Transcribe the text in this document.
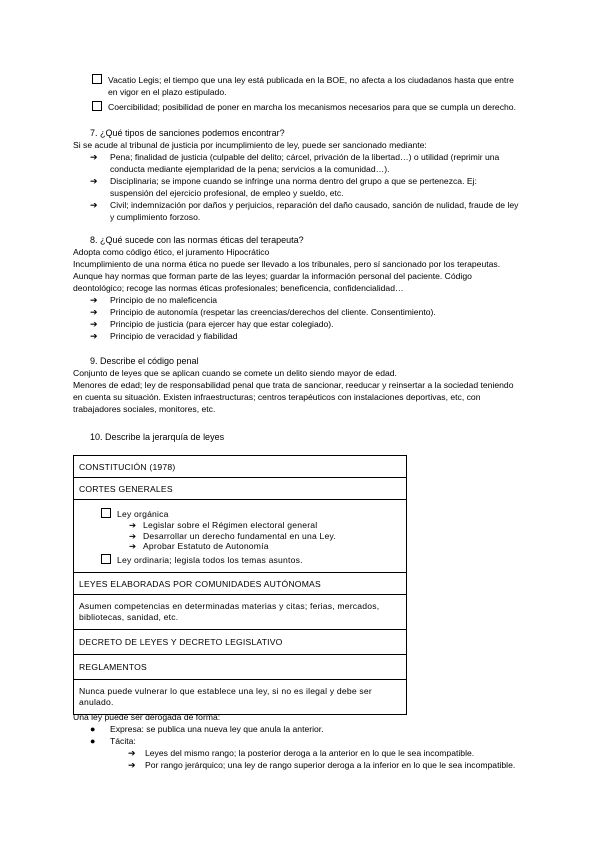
Vacatio Legis; el tiempo que una ley está publicada en la BOE, no afecta a los ciudadanos hasta que entre
en vigor en el plazo estipulado.
Coercibilidad; posibilidad de poner en marcha los mecanismos necesarios para que se cumpla un derecho.
7. ¿Qué tipos de sanciones podemos encontrar?
Si se acude al tribunal de justicia por incumplimiento de ley, puede ser sancionado mediante:
➔	Pena; finalidad de justicia (culpable del delito; cárcel, privación de la libertad…) o utilidad (reprimir una
conducta mediante ejemplaridad de la pena; servicios a la comunidad…).
➔	Disciplinaria; se impone cuando se infringe una norma dentro del grupo a que se pertenezca. Ej:
suspensión del ejercicio profesional, de empleo y sueldo, etc.
➔	Civil; indemnización por daños y perjuicios, reparación del daño causado, sanción de nulidad, fraude de ley
y cumplimiento forzoso.
8. ¿Qué sucede con las normas éticas del terapeuta?
Adopta como código ético, el juramento Hipocrático
Incumplimiento de una norma ética no puede ser llevado a los tribunales, pero sí sancionado por los terapeutas.
Aunque hay normas que forman parte de las leyes; guardar la información personal del paciente. Código
deontológico; recoge las normas éticas profesionales; beneficencia, confidencialidad…
➔ Principio de no maleficencia
➔ Principio de autonomía (respetar las creencias/derechos del cliente. Consentimiento).
➔ Principio de justicia (para ejercer hay que estar colegiado).
➔ Principio de veracidad y fiabilidad
9. Describe el código penal
Conjunto de leyes que se aplican cuando se comete un delito siendo mayor de edad.
Menores de edad; ley de responsabilidad penal que trata de sancionar, reeducar y reinsertar a la sociedad teniendo
en cuenta su situación. Existen infraestructuras; centros terapéuticos con instalaciones deportivas, etc, con
trabajadores sociales, monitores, etc.
10. Describe la jerarquía de leyes
CONSTITUCIÓN (1978)
CORTES GENERALES
Ley orgánica
➔ Legislar sobre el Régimen electoral general
➔ Desarrollar un derecho fundamental en una Ley.
➔ Aprobar Estatuto de Autonomía
Ley ordinaria; legisla todos los temas asuntos.
LEYES ELABORADAS POR COMUNIDADES AUTÓNOMAS
Asumen competencias en determinadas materias y citas; ferias, mercados,
bibliotecas, sanidad, etc.
DECRETO DE LEYES Y DECRETO LEGISLATIVO
REGLAMENTOS
Nunca puede vulnerar lo que establece una ley, si no es ilegal y debe ser
anulado.
Una ley puede ser derogada de forma:
● Expresa: se publica una nueva ley que anula la anterior.
● Tácita:
➔ Leyes del mismo rango; la posterior deroga a la anterior en lo que le sea incompatible.
➔ Por rango jerárquico; una ley de rango superior deroga a la inferior en lo que le sea incompatible.
